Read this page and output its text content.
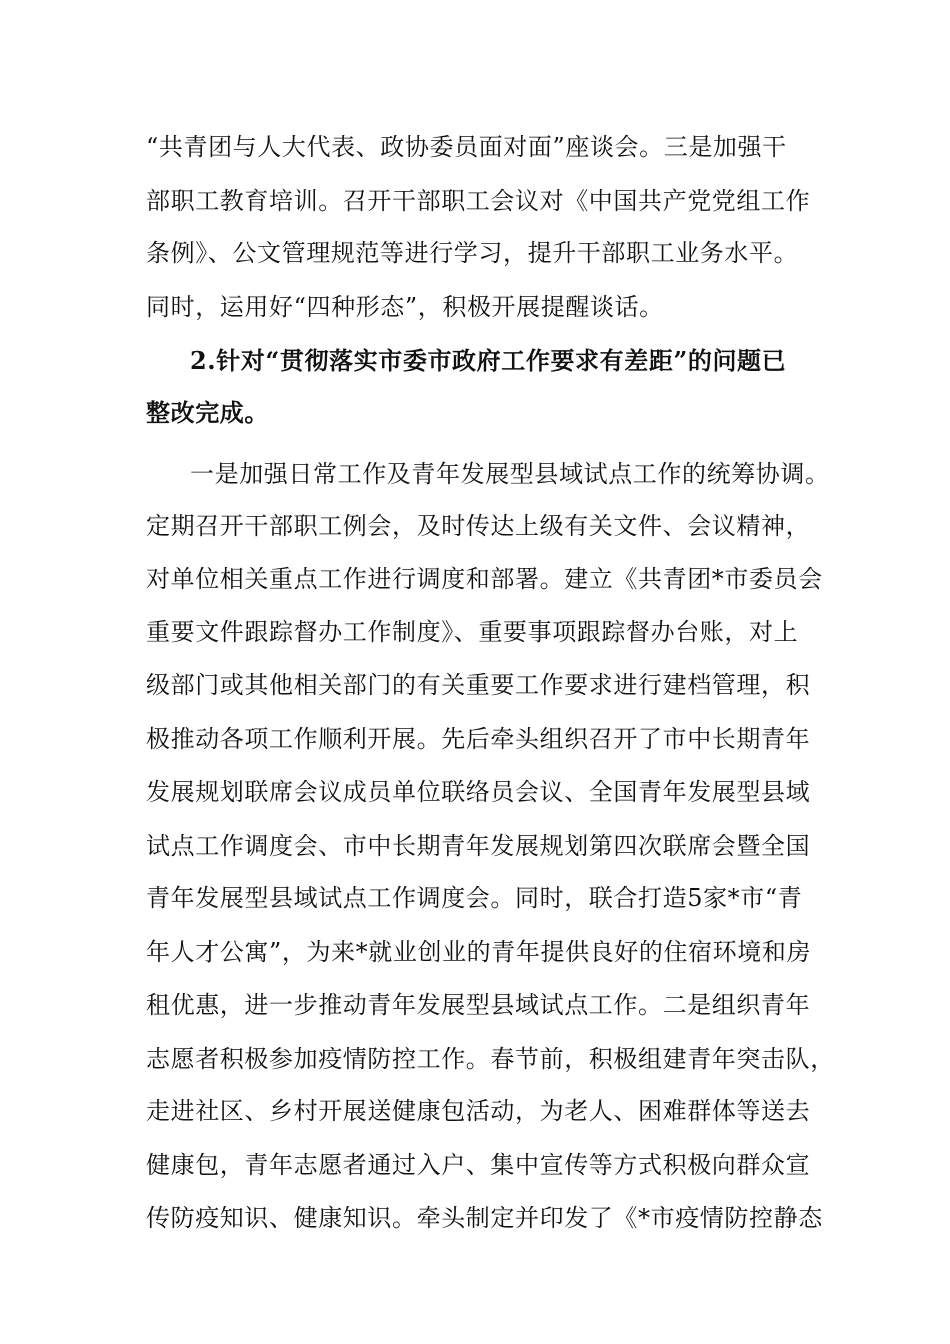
“共青团与人大代表、政协委员面对面”座谈会。三是加强干
部职工教育培训。召开干部职工会议对《中国共产党党组工作
条例》、公文管理规范等进行学习，提升干部职工业务水平。
同时，运用好“四种形态”，积极开展提醒谈话。
2.针对“贯彻落实市委市政府工作要求有差距”的问题已
整改完成。
一是加强日常工作及青年发展型县域试点工作的统筹协调。
定期召开干部职工例会，及时传达上级有关文件、会议精神，
对单位相关重点工作进行调度和部署。建立《共青团*市委员会
重要文件跟踪督办工作制度》、重要事项跟踪督办台账，对上
级部门或其他相关部门的有关重要工作要求进行建档管理，积
极推动各项工作顺利开展。先后牵头组织召开了市中长期青年
发展规划联席会议成员单位联络员会议、全国青年发展型县域
试点工作调度会、市中长期青年发展规划第四次联席会暨全国
青年发展型县域试点工作调度会。同时，联合打造5家*市“青
年人才公寓”，为来*就业创业的青年提供良好的住宿环境和房
租优惠，进一步推动青年发展型县域试点工作。二是组织青年
志愿者积极参加疫情防控工作。春节前，积极组建青年突击队，
走进社区、乡村开展送健康包活动，为老人、困难群体等送去
健康包，青年志愿者通过入户、集中宣传等方式积极向群众宣
传防疫知识、健康知识。牵头制定并印发了《*市疫情防控静态
